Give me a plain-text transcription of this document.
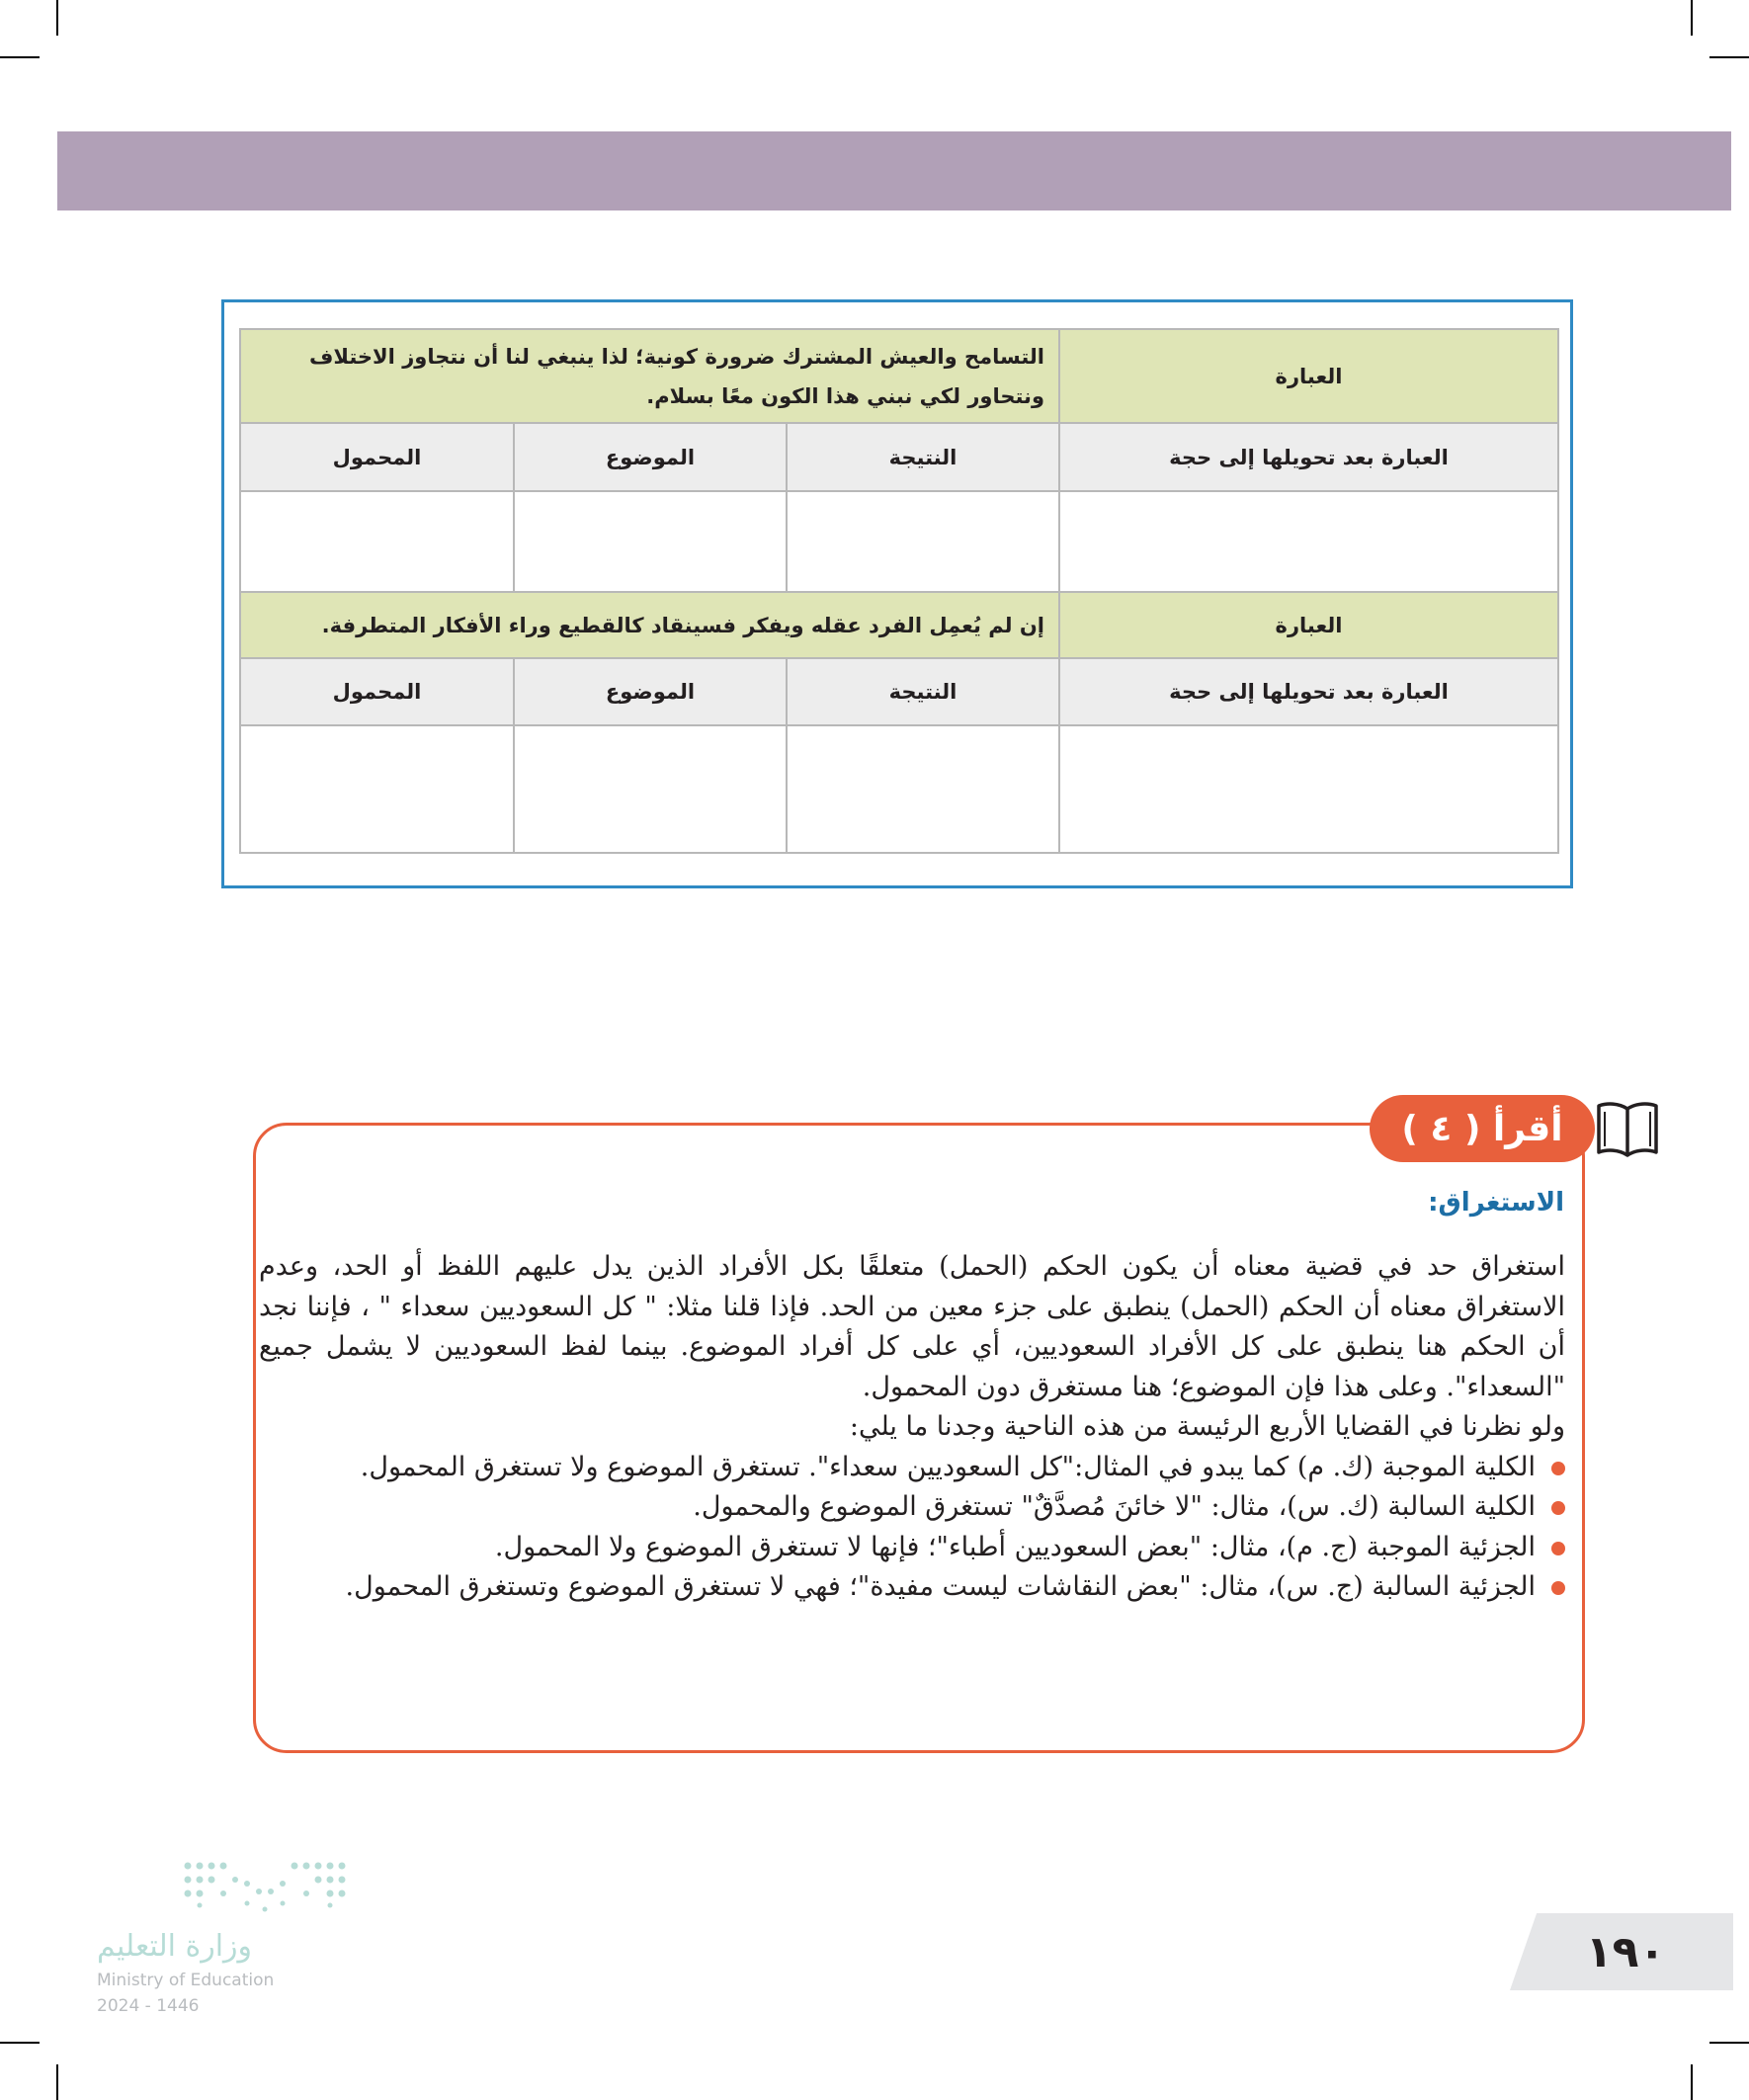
العبارة	التسامح والعيش المشترك ضرورة كونية؛ لذا ينبغي لنا أن نتجاوز الاختلاف
ونتحاور لكي نبني هذا الكون معًا بسلام.		

العبارة بعد تحويلها إلى حجة	النتيجة	الموضوع	المحمول

العبارة	إن لم يُعمِل الفرد عقله ويفكر فسينقاد كالقطيع وراء الأفكار المتطرفة.		
العبارة بعد تحويلها إلى حجة	النتيجة	الموضوع	المحمول

أقرأ ( ٤ )
الاستغراق:

استغراق حد في قضية معناه أن يكون الحكم (الحمل) متعلقًا بكل الأفراد الذين يدل عليهم اللفظ أو الحد، وعدم الاستغراق معناه أن الحكم (الحمل) ينطبق على جزء معين من الحد. فإذا قلنا مثلا: " كل السعوديين سعداء " ، فإننا نجد أن الحكم هنا ينطبق على كل الأفراد السعوديين، أي على كل أفراد الموضوع. بينما لفظ السعوديين لا يشمل جميع "السعداء". وعلى هذا فإن الموضوع؛ هنا مستغرق دون المحمول.

ولو نظرنا في القضايا الأربع الرئيسة من هذه الناحية وجدنا ما يلي:

الكلية الموجبة (ك. م) كما يبدو في المثال:"كل السعوديين سعداء". تستغرق الموضوع ولا تستغرق المحمول.
الكلية السالبة (ك. س)، مثال: "لا خائنَ مُصدَّقٌ" تستغرق الموضوع والمحمول.
الجزئية الموجبة (ج. م)، مثال: "بعض السعوديين أطباء"؛ فإنها لا تستغرق الموضوع ولا المحمول.
الجزئية السالبة (ج. س)، مثال: "بعض النقاشات ليست مفيدة"؛ فهي لا تستغرق الموضوع وتستغرق المحمول.
١٩٠
وزارة التعليم
Ministry of Education
2024 - 1446
